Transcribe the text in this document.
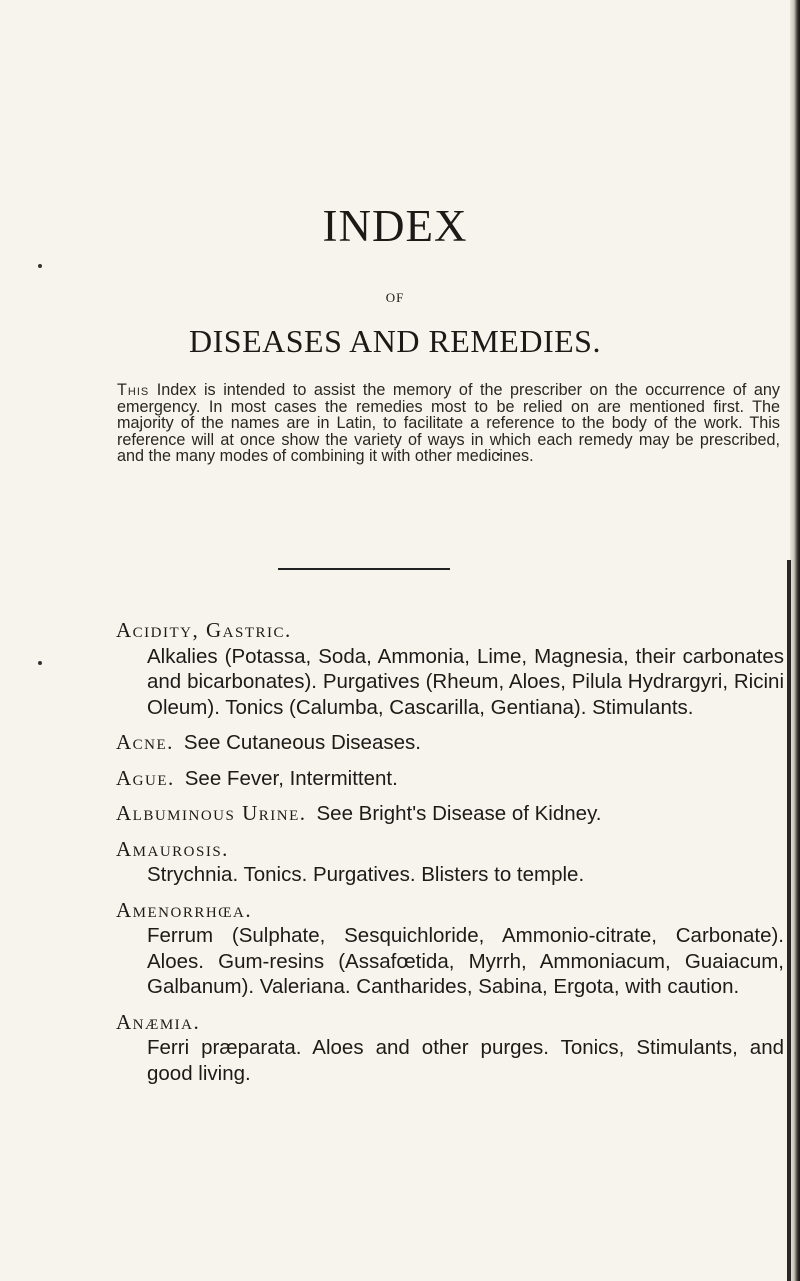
INDEX
OF
DISEASES AND REMEDIES.

This Index is intended to assist the memory of the prescriber on the occurrence of any emergency. In most cases the remedies most to be relied on are mentioned first. The majority of the names are in Latin, to facilitate a reference to the body of the work. This reference will at once show the variety of ways in which each remedy may be prescribed, and the many modes of combining it with other medicines.

Acidity, Gastric.
Alkalies (Potassa, Soda, Ammonia, Lime, Magnesia, their carbonates and bicarbonates). Purgatives (Rheum, Aloes, Pilula Hydrargyri, Ricini Oleum). Tonics (Calumba, Cascarilla, Gentiana). Stimulants.
Acne. See Cutaneous Diseases.
Ague. See Fever, Intermittent.
Albuminous Urine. See Bright's Disease of Kidney.
Amaurosis.
Strychnia. Tonics. Purgatives. Blisters to temple.
Amenorrhœa.
Ferrum (Sulphate, Sesquichloride, Ammonio-citrate, Carbonate). Aloes. Gum-resins (Assafœtida, Myrrh, Ammoniacum, Guaiacum, Galbanum). Valeriana. Cantharides, Sabina, Ergota, with caution.
Anæmia.
Ferri præparata. Aloes and other purges. Tonics, Stimulants, and good living.
